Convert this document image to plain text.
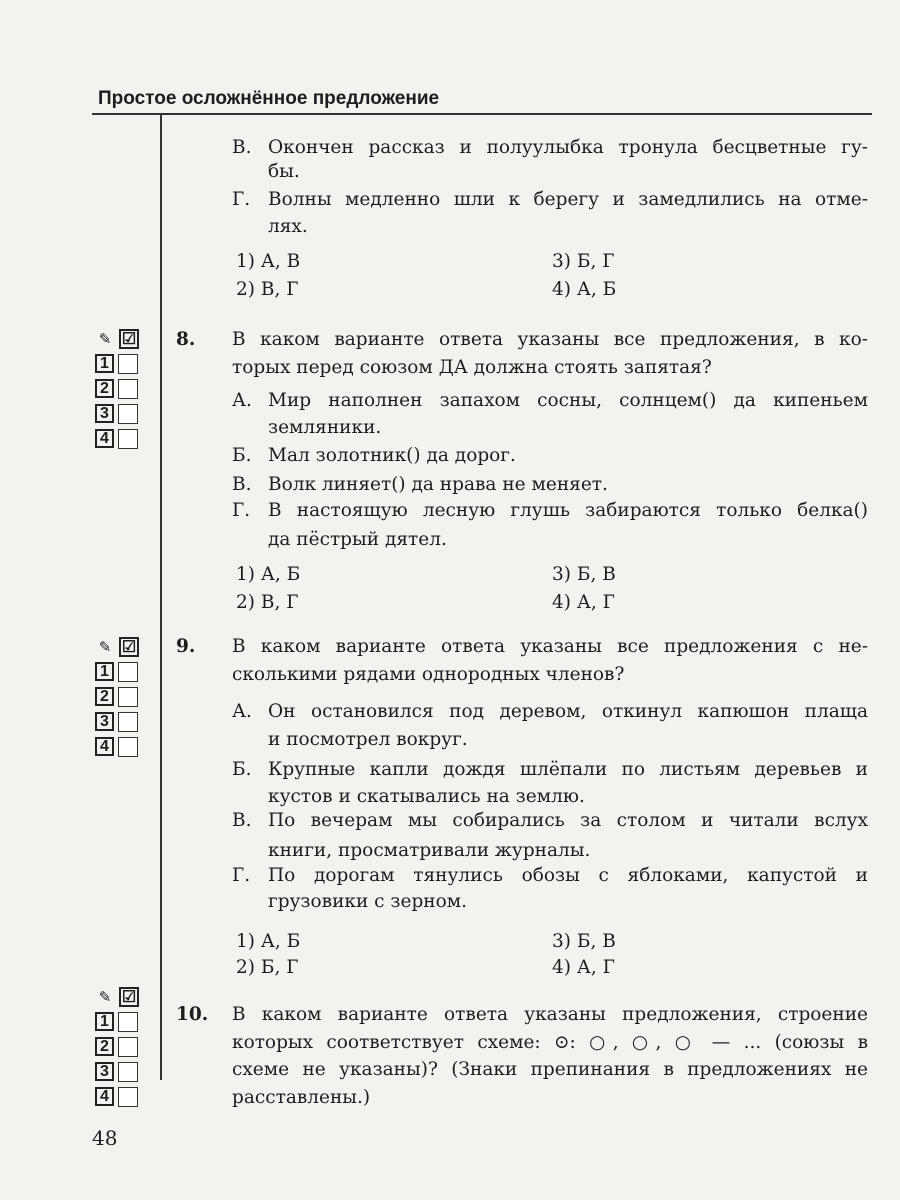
Простое осложнённое предложение
48
В. Окончен рассказ и полуулыбка тронула бесцветные гу-
бы.
Г. Волны медленно шли к берегу и замедлились на отме-
лях.
1) А, В
2) В, Г
3) Б, Г
4) А, Б
8. В каком варианте ответа указаны все предложения, в ко-
торых перед союзом ДА должна стоять запятая?
А. Мир наполнен запахом сосны, солнцем() да кипеньем
земляники.
Б. Мал золотник() да дорог.
В. Волк линяет() да нрава не меняет.
Г. В настоящую лесную глушь забираются только белка()
да пёстрый дятел.
1) А, Б
2) В, Г
3) Б, В
4) А, Г
✎ ☑
1
2
3
4
9. В каком варианте ответа указаны все предложения с не-
сколькими рядами однородных членов?
А. Он остановился под деревом, откинул капюшон плаща
и посмотрел вокруг.
Б. Крупные капли дождя шлёпали по листьям деревьев и
кустов и скатывались на землю.
В. По вечерам мы собирались за столом и читали вслух
книги, просматривали журналы.
Г. По дорогам тянулись обозы с яблоками, капустой и
грузовики с зерном.
1) А, Б
2) Б, Г
3) Б, В
4) А, Г
✎ ☑
1
2
3
4
10. В каком варианте ответа указаны предложения, строение
которых соответствует схеме: ⊙: ○, ○, ○ — ... (союзы в
схеме не указаны)? (Знаки препинания в предложениях не
расставлены.)
✎ ☑
1
2
3
4
